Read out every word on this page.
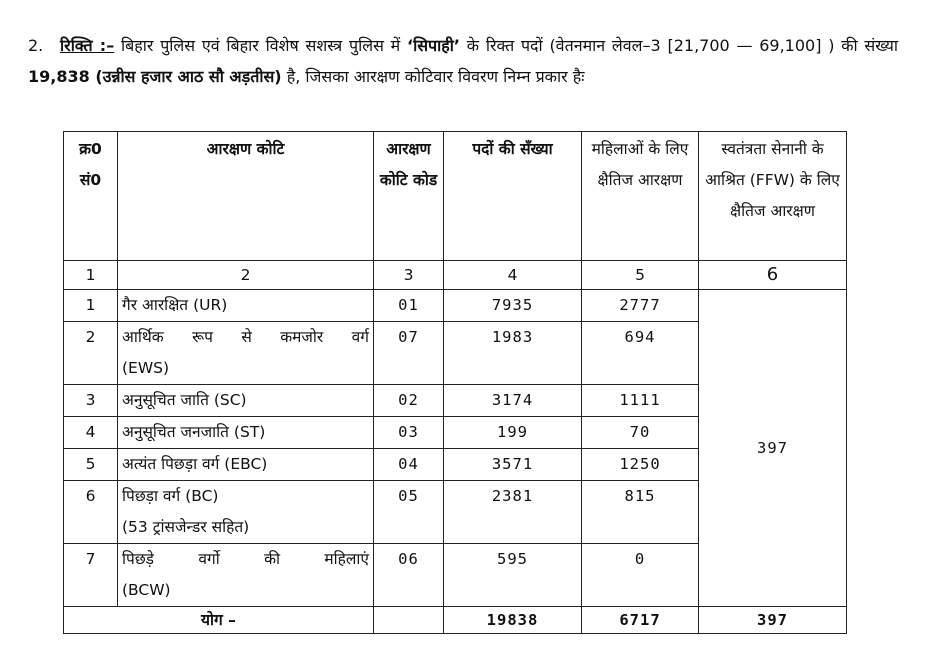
2. रिक्ति :– बिहार पुलिस एवं बिहार विशेष सशस्त्र पुलिस में ‘सिपाही’ के रिक्त पदों (वेतनमान लेवल–3 [21,700 — 69,100] ) की संख्या 19,838 (उन्नीस हजार आठ सौ अड़तीस) है, जिसका आरक्षण कोटिवार विवरण निम्न प्रकार हैः
क्र0 सं0	आरक्षण कोटि	आरक्षण कोटि कोड	पदों की सँख्या	महिलाओं के लिए क्षैतिज आरक्षण	स्वतंत्रता सेनानी के आश्रित (FFW) के लिए क्षैतिज आरक्षण
1	2	3	4	5	6
1	गैर आरक्षित (UR)	01	7935	2777	397
2	आर्थिक रूप से कमजोर वर्ग
(EWS)	07	1983	694	
3	अनुसूचित जाति (SC)	02	3174	1111	
4	अनुसूचित जनजाति (ST)	03	199	70	
5	अत्यंत पिछड़ा वर्ग (EBC)	04	3571	1250	
6	पिछड़ा वर्ग (BC)
(53 ट्रांसजेन्डर सहित)	05	2381	815	
7	पिछड़े वर्गो की महिलाएं
(BCW)	06	595	0	
योग –			19838	6717	397
